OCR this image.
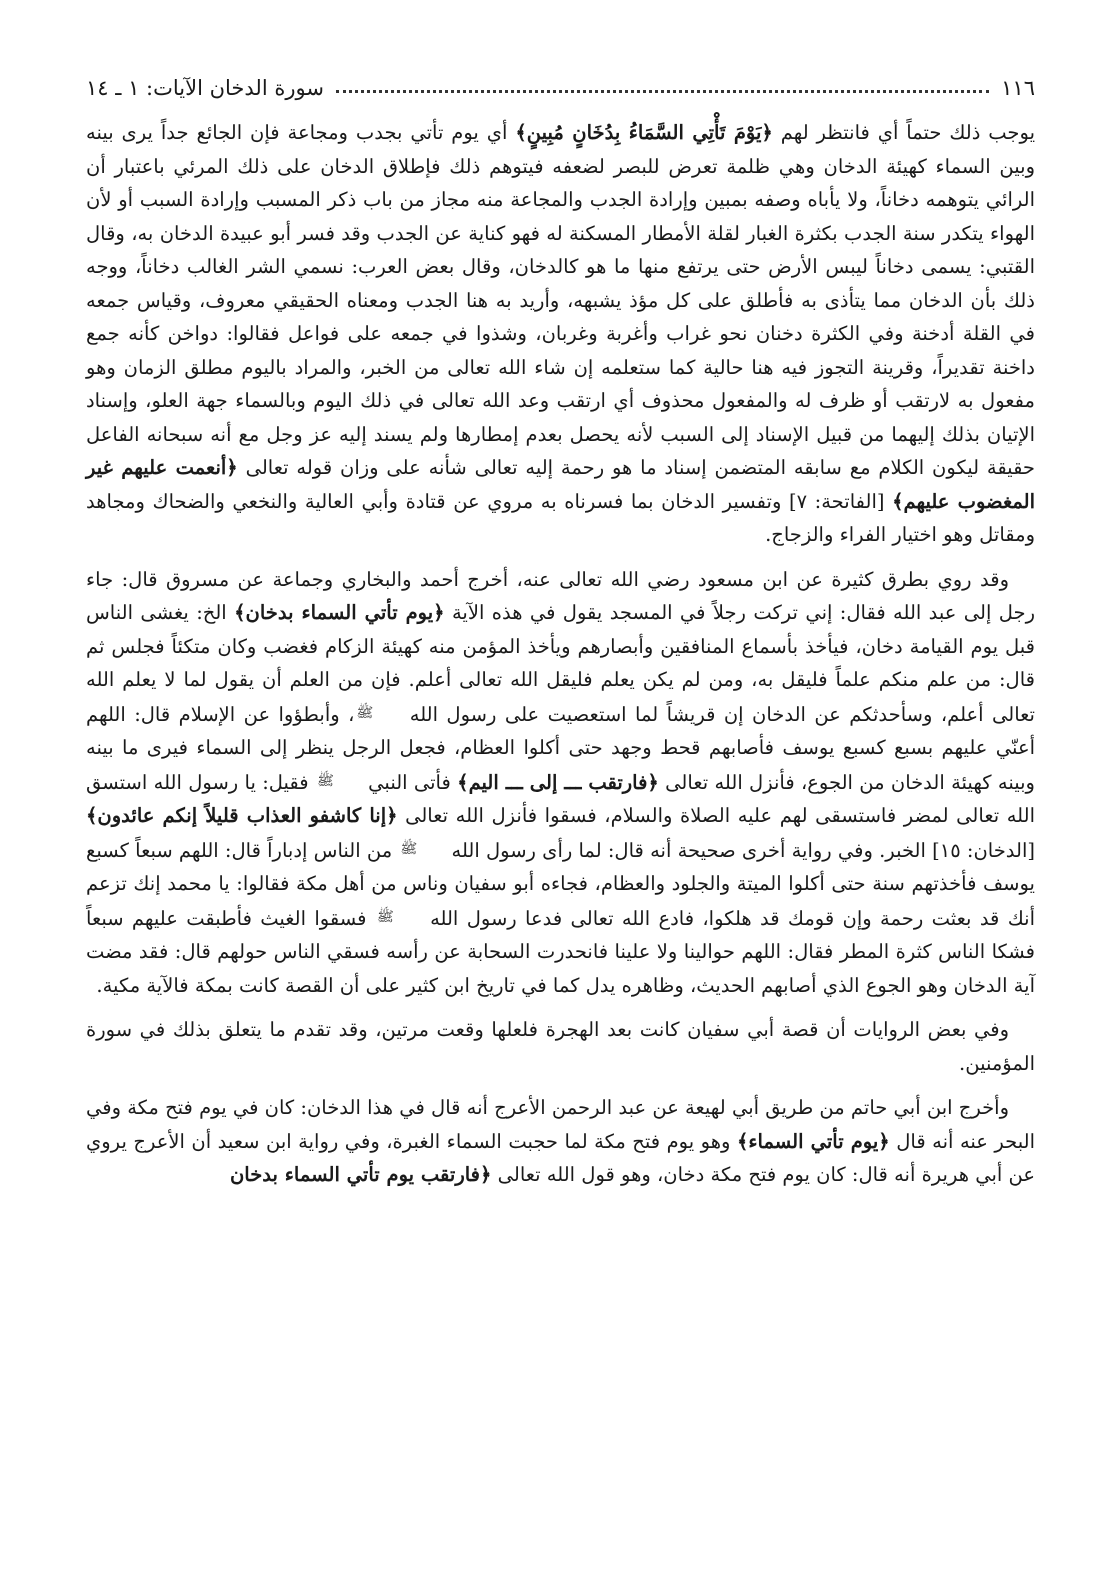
١١٦
سورة الدخان الآيات: ١ ـ ١٤

يوجب ذلك حتماً أي فانتظر لهم ﴿يَوْمَ تَأْتِي السَّمَاءُ بِدُخَانٍ مُبِينٍ﴾ أي يوم تأتي بجدب ومجاعة فإن الجائع جداً يرى بينه وبين السماء كهيئة الدخان وهي ظلمة تعرض للبصر لضعفه فيتوهم ذلك فإطلاق الدخان على ذلك المرئي باعتبار أن الرائي يتوهمه دخاناً، ولا يأباه وصفه بمبين وإرادة الجدب والمجاعة منه مجاز من باب ذكر المسبب وإرادة السبب أو لأن الهواء يتكدر سنة الجدب بكثرة الغبار لقلة الأمطار المسكنة له فهو كناية عن الجدب وقد فسر أبو عبيدة الدخان به، وقال القتبي: يسمى دخاناً ليبس الأرض حتى يرتفع منها ما هو كالدخان، وقال بعض العرب: نسمي الشر الغالب دخاناً، ووجه ذلك بأن الدخان مما يتأذى به فأطلق على كل مؤذ يشبهه، وأريد به هنا الجدب ومعناه الحقيقي معروف، وقياس جمعه في القلة أدخنة وفي الكثرة دخنان نحو غراب وأغربة وغربان، وشذوا في جمعه على فواعل فقالوا: دواخن كأنه جمع داخنة تقديراً، وقرينة التجوز فيه هنا حالية كما ستعلمه إن شاء الله تعالى من الخبر، والمراد باليوم مطلق الزمان وهو مفعول به لارتقب أو ظرف له والمفعول محذوف أي ارتقب وعد الله تعالى في ذلك اليوم وبالسماء جهة العلو، وإسناد الإتيان بذلك إليهما من قبيل الإسناد إلى السبب لأنه يحصل بعدم إمطارها ولم يسند إليه عز وجل مع أنه سبحانه الفاعل حقيقة ليكون الكلام مع سابقه المتضمن إسناد ما هو رحمة إليه تعالى شأنه على وزان قوله تعالى ﴿أنعمت عليهم غير المغضوب عليهم﴾ [الفاتحة: ٧] وتفسير الدخان بما فسرناه به مروي عن قتادة وأبي العالية والنخعي والضحاك ومجاهد ومقاتل وهو اختيار الفراء والزجاج.

وقد روي بطرق كثيرة عن ابن مسعود رضي الله تعالى عنه، أخرج أحمد والبخاري وجماعة عن مسروق قال: جاء رجل إلى عبد الله فقال: إني تركت رجلاً في المسجد يقول في هذه الآية ﴿يوم تأتي السماء بدخان﴾ الخ: يغشى الناس قبل يوم القيامة دخان، فيأخذ بأسماع المنافقين وأبصارهم ويأخذ المؤمن منه كهيئة الزكام فغضب وكان متكئاً فجلس ثم قال: من علم منكم علماً فليقل به، ومن لم يكن يعلم فليقل الله تعالى أعلم. فإن من العلم أن يقول لما لا يعلم الله تعالى أعلم، وسأحدثكم عن الدخان إن قريشاً لما استعصيت على رسول الله ﷺ، وأبطؤوا عن الإسلام قال: اللهم أعنّي عليهم بسبع كسبع يوسف فأصابهم قحط وجهد حتى أكلوا العظام، فجعل الرجل ينظر إلى السماء فيرى ما بينه وبينه كهيئة الدخان من الجوع، فأنزل الله تعالى ﴿فارتقب ـــ إلى ـــ اليم﴾ فأتى النبي ﷺ فقيل: يا رسول الله استسق الله تعالى لمضر فاستسقى لهم عليه الصلاة والسلام، فسقوا فأنزل الله تعالى ﴿إنا كاشفو العذاب قليلاً إنكم عائدون﴾ [الدخان: ١٥] الخبر. وفي رواية أخرى صحيحة أنه قال: لما رأى رسول الله ﷺ من الناس إدباراً قال: اللهم سبعاً كسبع يوسف فأخذتهم سنة حتى أكلوا الميتة والجلود والعظام، فجاءه أبو سفيان وناس من أهل مكة فقالوا: يا محمد إنك تزعم أنك قد بعثت رحمة وإن قومك قد هلكوا، فادع الله تعالى فدعا رسول الله ﷺ فسقوا الغيث فأطبقت عليهم سبعاً فشكا الناس كثرة المطر فقال: اللهم حوالينا ولا علينا فانحدرت السحابة عن رأسه فسقي الناس حولهم قال: فقد مضت آية الدخان وهو الجوع الذي أصابهم الحديث، وظاهره يدل كما في تاريخ ابن كثير على أن القصة كانت بمكة فالآية مكية.

وفي بعض الروايات أن قصة أبي سفيان كانت بعد الهجرة فلعلها وقعت مرتين، وقد تقدم ما يتعلق بذلك في سورة المؤمنين.

وأخرج ابن أبي حاتم من طريق أبي لهيعة عن عبد الرحمن الأعرج أنه قال في هذا الدخان: كان في يوم فتح مكة وفي البحر عنه أنه قال ﴿يوم تأتي السماء﴾ وهو يوم فتح مكة لما حجبت السماء الغبرة، وفي رواية ابن سعيد أن الأعرج يروي عن أبي هريرة أنه قال: كان يوم فتح مكة دخان، وهو قول الله تعالى ﴿فارتقب يوم تأتي السماء بدخان
